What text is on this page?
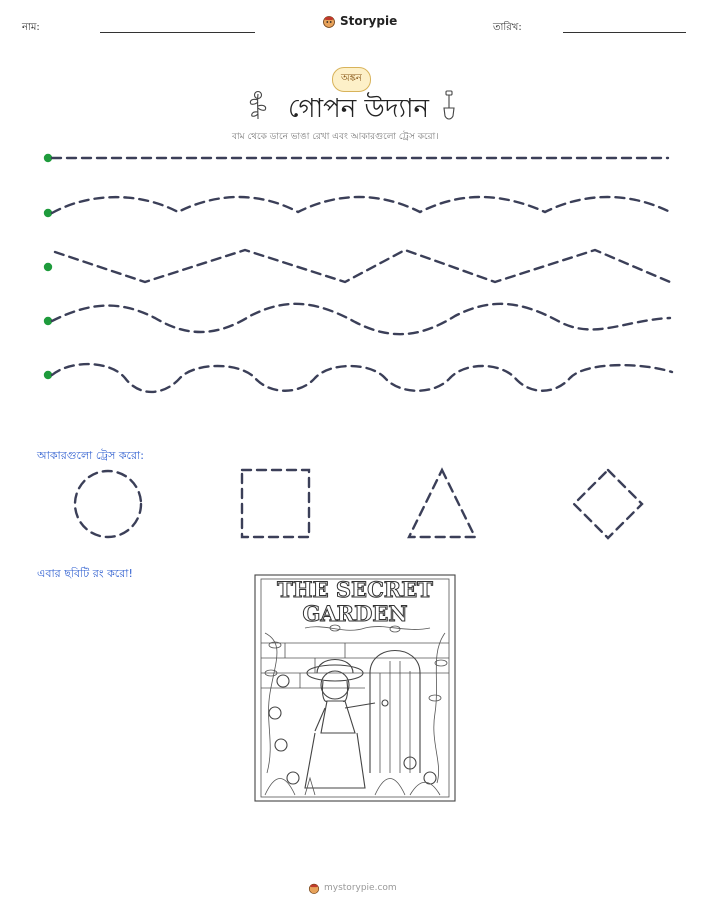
নাম:	Storypie	তারিখ:
অঙ্কন
গোপন উদ্যান
বাম থেকে ডানে ভাঙা রেখা এবং আকারগুলো ট্রেস করো।
আকারগুলো ট্রেস করো:
এবার ছবিটি রং করো!
THE SECRET
GARDEN
mystorypie.com
